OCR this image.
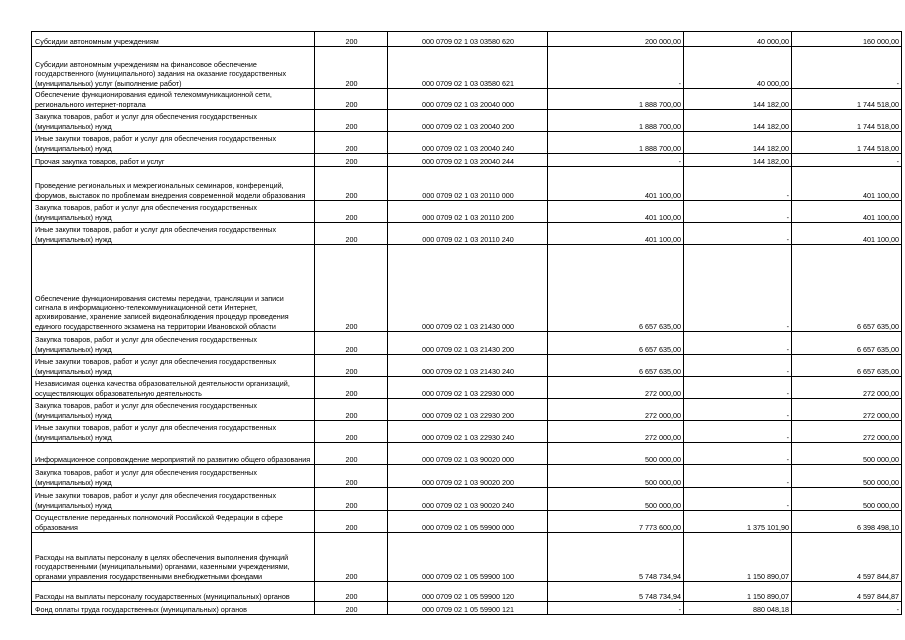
Субсидии автономным учреждениям	200	000 0709 02 1 03 03580 620	200 000,00	40 000,00	160 000,00
Субсидии автономным учреждениям на финансовое обеспечение государственного (муниципального) задания на оказание государственных (муниципальных) услуг (выполнение работ)	200	000 0709 02 1 03 03580 621	-	40 000,00	-
Обеспечение функционирования единой телекоммуникационной сети, регионального интернет-портала	200	000 0709 02 1 03 20040 000	1 888 700,00	144 182,00	1 744 518,00
Закупка товаров, работ и услуг для обеспечения государственных (муниципальных) нужд	200	000 0709 02 1 03 20040 200	1 888 700,00	144 182,00	1 744 518,00
Иные закупки товаров, работ и услуг для обеспечения государственных (муниципальных) нужд	200	000 0709 02 1 03 20040 240	1 888 700,00	144 182,00	1 744 518,00
Прочая закупка товаров, работ и услуг	200	000 0709 02 1 03 20040 244	-	144 182,00	-
Проведение региональных и межрегиональных семинаров, конференций, форумов, выставок по проблемам внедрения современной модели образования	200	000 0709 02 1 03 20110 000	401 100,00	-	401 100,00
Закупка товаров, работ и услуг для обеспечения государственных (муниципальных) нужд	200	000 0709 02 1 03 20110 200	401 100,00	-	401 100,00
Иные закупки товаров, работ и услуг для обеспечения государственных (муниципальных) нужд	200	000 0709 02 1 03 20110 240	401 100,00	-	401 100,00
Обеспечение функционирования системы передачи, трансляции и записи сигнала в информационно-телекоммуникационной сети Интернет, архивирование, хранение записей видеонаблюдения процедур проведения единого государственного экзамена на территории Ивановской области	200	000 0709 02 1 03 21430 000	6 657 635,00	-	6 657 635,00
Закупка товаров, работ и услуг для обеспечения государственных (муниципальных) нужд	200	000 0709 02 1 03 21430 200	6 657 635,00	-	6 657 635,00
Иные закупки товаров, работ и услуг для обеспечения государственных (муниципальных) нужд	200	000 0709 02 1 03 21430 240	6 657 635,00	-	6 657 635,00
Независимая оценка качества образовательной деятельности организаций, осуществляющих образовательную деятельность	200	000 0709 02 1 03 22930 000	272 000,00	-	272 000,00
Закупка товаров, работ и услуг для обеспечения государственных (муниципальных) нужд	200	000 0709 02 1 03 22930 200	272 000,00	-	272 000,00
Иные закупки товаров, работ и услуг для обеспечения государственных (муниципальных) нужд	200	000 0709 02 1 03 22930 240	272 000,00	-	272 000,00
Информационное сопровождение мероприятий по развитию общего образования	200	000 0709 02 1 03 90020 000	500 000,00	-	500 000,00
Закупка товаров, работ и услуг для обеспечения государственных (муниципальных) нужд	200	000 0709 02 1 03 90020 200	500 000,00	-	500 000,00
Иные закупки товаров, работ и услуг для обеспечения государственных (муниципальных) нужд	200	000 0709 02 1 03 90020 240	500 000,00	-	500 000,00
Осуществление переданных полномочий Российской Федерации в сфере образования	200	000 0709 02 1 05 59900 000	7 773 600,00	1 375 101,90	6 398 498,10
Расходы на выплаты персоналу в целях обеспечения выполнения функций государственными (муниципальными) органами, казенными учреждениями, органами управления государственными внебюджетными фондами	200	000 0709 02 1 05 59900 100	5 748 734,94	1 150 890,07	4 597 844,87
Расходы на выплаты персоналу государственных (муниципальных) органов	200	000 0709 02 1 05 59900 120	5 748 734,94	1 150 890,07	4 597 844,87
Фонд оплаты труда государственных (муниципальных) органов	200	000 0709 02 1 05 59900 121	-	880 048,18	-
